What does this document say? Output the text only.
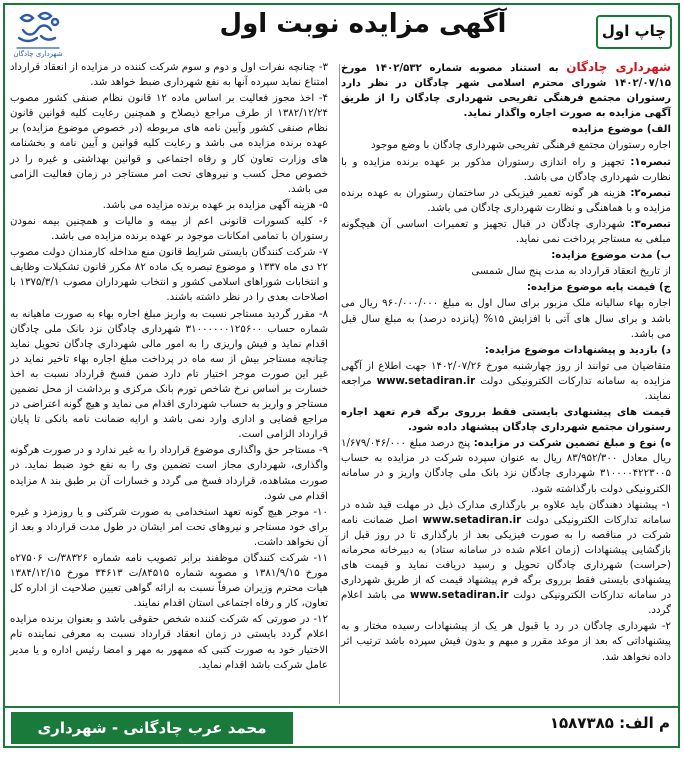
چاپ اول
آگهی مزایده نوبت اول
شهرداری چادگان

شهرداری چادگان به استناد مصوبه شماره ۱۴۰۲/۵۳۲ مورخ ۱۴۰۲/۰۷/۱۵ شورای محترم اسلامی شهر چادگان در نظر دارد رستوران مجتمع فرهنگی تفریحی شهرداری چادگان را از طریق آگهی مزایده به صورت اجاره واگذار نماید.

الف) موضوع مزایده

اجاره رستوران مجتمع فرهنگی تفریحی شهرداری چادگان با وضع موجود

تبصره۱: تجهیز و راه اندازی رستوران مذکور بر عهده برنده مزایده و با نظارت شهرداری چادگان می باشد.

تبصره۲: هزینه هر گونه تعمیر فیزیکی در ساختمان رستوران به عهده برنده مزایده و با هماهنگی و نظارت شهرداری چادگان می باشد.

تبصره۳: شهرداری چادگان در قبال تجهیز و تعمیرات اساسی آن هیچگونه مبلغی به مستاجر پرداخت نمی نماید.

ب) مدت موضوع مزایده:

از تاریخ انعقاد قرارداد به مدت پنج سال شمسی

ج) قیمت پایه موضوع مزایده:

اجاره بهاء سالیانه ملک مزبور برای سال اول به مبلغ ۹۶۰/۰۰۰/۰۰۰ ریال می باشد و برای سال های آتی با افزایش ۱۵% (پانزده درصد) به مبلغ سال قبل می باشد.

د) بازدید و پیشنهادات موضوع مزایده:

متقاضیان می توانند از روز چهارشنبه مورخ ۱۴۰۲/۰۷/۲۶ جهت اطلاع از آگهی مزایده به سامانه تدارکات الکترونیکی دولت www.setadiran.ir مراجعه نمایند.

قیمت های پیشنهادی بایستی فقط برروی برگه فرم تعهد اجاره رستوران مجتمع شهرداری چادگان پیشنهاد داده شود.

ه) نوع و مبلغ تضمین شرکت در مزایده: پنج درصد مبلغ ۱/۶۷۹/۰۴۶/۰۰۰ ریال معادل ۸۳/۹۵۲/۳۰۰ ریال به عنوان سپرده شرکت در مزایده به حساب ۳۱۰۰۰۰۴۲۲۳۰۰۵ شهرداری چادگان نزد بانک ملی چادگان واریز و در سامانه الکترونیکی دولت بارگذاشته شود.

۱- پیشنهاد دهندگان باید علاوه بر بارگذاری مدارک ذیل در مهلت قید شده در سامانه تدارکات الکترونیکی دولت www.setadiran.ir اصل ضمانت نامه شرکت در مناقصه را به صورت فیزیکی بعد از بارگذاری تا در روز قبل از بازگشایی پیشنهادات (زمان اعلام شده در سامانه ستاد) به دبیرخانه محرمانه (حراست) شهرداری چادگان تحویل و رسید دریافت نماید و قیمت های پیشنهادی بایستی فقط برروی برگه فرم پیشنهاد قیمت که از طریق شهرداری در سامانه تدارکات الکترونیکی دولت www.setadiran.ir می باشد اعلام گردد.

۲- شهرداری چادگان در رد یا قبول هر یک از پیشنهادات رسیده مختار و به پیشنهاداتی که بعد از موعد مقرر و مبهم و بدون فیش سپرده باشد ترتیب اثر داده نخواهد شد.

۳- چنانچه نفرات اول و دوم و سوم شرکت کننده در مزایده از انعقاد قرارداد امتناع نماید سپرده آنها به نفع شهرداری ضبط خواهد شد.

۴- اخذ مجوز فعالیت بر اساس ماده ۱۲ قانون نظام صنفی کشور مصوب ۱۳۸۲/۱۲/۲۴ از طرف مراجع ذیصلاح و همچنین رعایت کلیه قوانین قانون نظام صنفی کشور وآیین نامه های مربوطه (در خصوص موضوع مزایده) بر عهده برنده مزایده می باشد و رعایت کلیه قوانین و آیین نامه و بخشنامه های وزارت تعاون کار و رفاه اجتماعی و قوانین بهداشتی و غیره را در خصوص محل کسب و نیروهای تحت امر مستاجر در زمان فعالیت الزامی می باشد.

۵- هزینه آگهی مزایده بر عهده برنده مزایده می باشد.

۶- کلیه کسورات قانونی اعم از بیمه و مالیات و همچنین بیمه نمودن رستوران با تمامی امکانات موجود بر عهده برنده مزایده می باشد.

۷- شرکت کنندگان بایستی شرایط قانون منع مداخله کارمندان دولت مصوب ۲۲ دی ماه ۱۳۳۷ و موضوع تبصره یک ماده ۸۲ مکرر قانون تشکیلات وظایف و انتخابات شوراهای اسلامی کشور و انتخاب شهرداران مصوب ۱۳۷۵/۳/۱ با اصلاحات بعدی را در نظر داشته باشند.

۸- مقرر گردید مستاجر نسبت به واریز مبلغ اجاره بهاء به صورت ماهیانه به شماره حساب ۳۱۰۰۰۰۰۰۱۲۵۶۰۰ شهرداری چادگان نزد بانک ملی چادگان اقدام نماید و فیش واریزی را به امور مالی شهرداری چادگان تحویل نماید چنانچه مستاجر بیش از سه ماه در پرداخت مبلغ اجاره بهاء تاخیر نماید در غیر این صورت موجر اختیار تام دارد ضمن فسخ قرارداد نسبت به اخذ خسارت بر اساس نرخ شاخص تورم بانک مرکزی و برداشت از محل تضمین مستاجر و واریز به حساب شهرداری اقدام می نماید و هیچ گونه اعتراضی در مراجع قضایی و اداری وارد نمی باشد و ارایه ضمانت نامه بانکی تا پایان قرارداد الزامی است.

۹- مستاجر حق واگذاری موضوع قرارداد را به غیر ندارد و در صورت هرگونه واگذاری، شهرداری مجاز است تضمین وی را به نفع خود ضبط نماید. در صورت مشاهده، قرارداد فسخ می گردد و خسارات آن بر طبق بند ۸ مزایده اقدام می شود.

۱۰- موجر هیچ گونه تعهد استخدامی به صورت شرکتی و یا روزمزد و غیره برای خود مستاجر و نیروهای تحت امر ایشان در طول مدت قرارداد و بعد از آن نخواهد داشت.

۱۱- شرکت کنندگان موظفند برابر تصویب نامه شماره ۳۸۳۲۶/ت ۲۷۵۰۶ه مورخ ۱۳۸۱/۹/۱۵ و مصوبه شماره ۸۴۵۱۵/ت ۳۴۶۱۳ مورخ ۱۳۸۴/۱۲/۱۵ هیات محترم وزیران صرفاً نسبت به ارائه گواهی تعیین صلاحیت از اداره کل تعاون، کار و رفاه اجتماعی استان اقدام نمایند.

۱۲- در صورتی که شرکت کننده شخص حقوقی باشد و بعنوان برنده مزایده اعلام گردد بایستی در زمان انعقاد قرارداد نسبت به معرفی نماینده تام الاختیار خود به صورت کتبی که ممهور به مهر و امضا رئیس اداره و یا مدیر عامل شرکت باشد اقدام نماید.

محمد عرب چادگانی - شهرداری چادگان
م الف: ۱۵۸۷۳۸۵
